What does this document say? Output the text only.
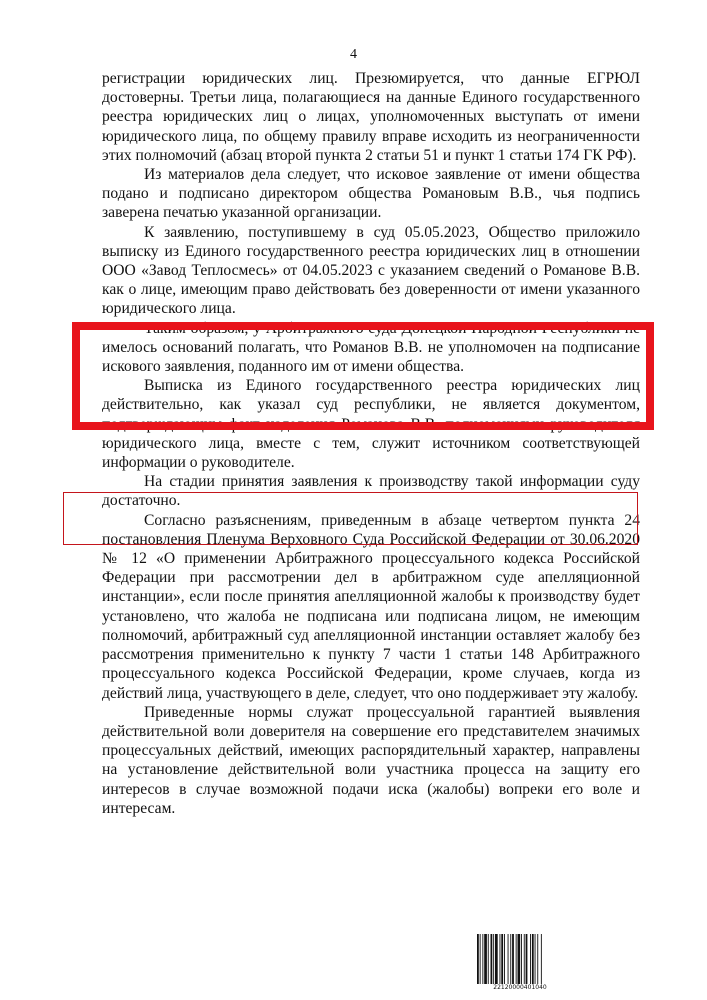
4

регистрации юридических лиц. Презюмируется, что данные ЕГРЮЛ достоверны. Третьи лица, полагающиеся на данные Единого государственного реестра юридических лиц о лицах, уполномоченных выступать от имени юридического лица, по общему правилу вправе исходить из неограниченности этих полномочий (абзац второй пункта 2 статьи 51 и пункт 1 статьи 174 ГК РФ).

Из материалов дела следует, что исковое заявление от имени общества подано и подписано директором общества Романовым В.В., чья подпись заверена печатью указанной организации.

К заявлению, поступившему в суд 05.05.2023, Общество приложило выписку из Единого государственного реестра юридических лиц в отношении ООО «Завод Теплосмесь» от 04.05.2023 с указанием сведений о Романове В.В. как о лице, имеющим право действовать без доверенности от имени указанного юридического лица.

Таким образом, у Арбитражного суда Донецкой Народной Республики не имелось оснований полагать, что Романов В.В. не уполномочен на подписание искового заявления, поданного им от имени общества.

Выписка из Единого государственного реестра юридических лиц действительно, как указал суд республики, не является документом, подтверждающим факт наделения Романова В.В. полномочиями руководителя юридического лица, вместе с тем, служит источником соответствующей информации о руководителе.

На стадии принятия заявления к производству такой информации суду достаточно.

Согласно разъяснениям, приведенным в абзаце четвертом пункта 24 постановления Пленума Верховного Суда Российской Федерации от 30.06.2020 № 12 «О применении Арбитражного процессуального кодекса Российской Федерации при рассмотрении дел в арбитражном суде апелляционной инстанции», если после принятия апелляционной жалобы к производству будет установлено, что жалоба не подписана или подписана лицом, не имеющим полномочий, арбитражный суд апелляционной инстанции оставляет жалобу без рассмотрения применительно к пункту 7 части 1 статьи 148 Арбитражного процессуального кодекса Российской Федерации, кроме случаев, когда из действий лица, участвующего в деле, следует, что оно поддерживает эту жалобу.

Приведенные нормы служат процессуальной гарантией выявления действительной воли доверителя на совершение его представителем значимых процессуальных действий, имеющих распорядительный характер, направлены на установление действительной воли участника процесса на защиту его интересов в случае возможной подачи иска (жалобы) вопреки его воле и интересам.

22120000401040
